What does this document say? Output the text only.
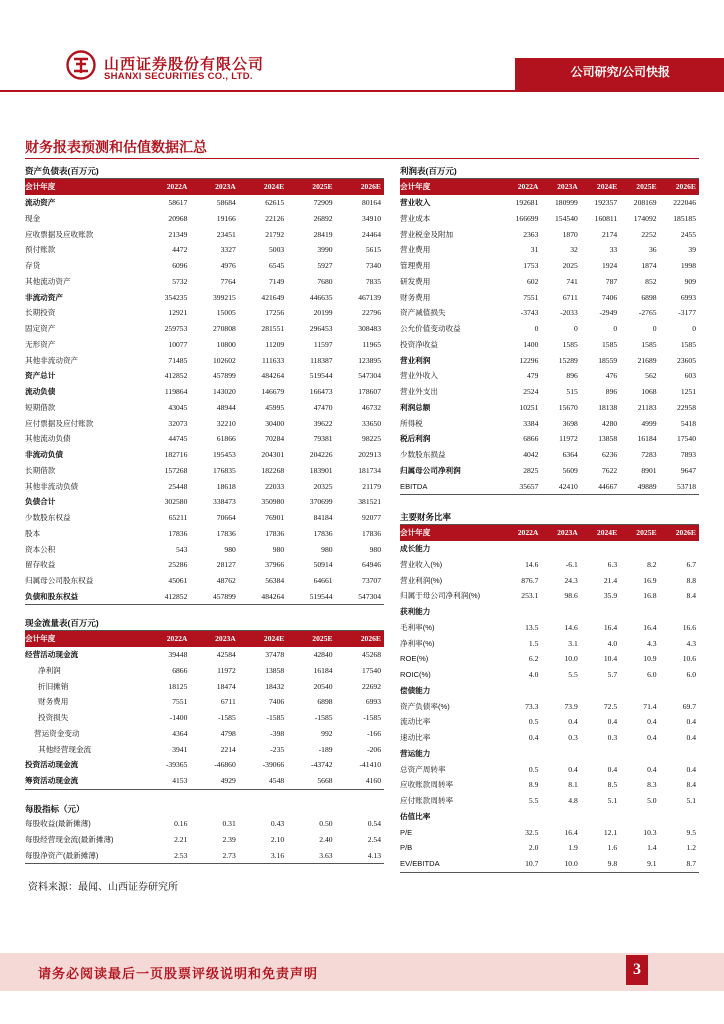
山西证券股份有限公司
SHANXI SECURITIES CO., LTD.	公司研究/公司快报
财务报表预测和估值数据汇总
资产负债表(百万元)
会计年度	2022A	2023A	2024E	2025E	2026E
流动资产	58617	58684	62615	72909	80164
现金	20968	19166	22126	26892	34910
应收票据及应收账款	21349	23451	21792	28419	24464
预付账款	4472	3327	5003	3990	5615
存货	6096	4976	6545	5927	7340
其他流动资产	5732	7764	7149	7680	7835
非流动资产	354235	399215	421649	446635	467139
长期投资	12921	15005	17256	20199	22796
固定资产	259753	270808	281551	296453	308483
无形资产	10077	10800	11209	11597	11965
其他非流动资产	71485	102602	111633	118387	123895
资产总计	412852	457899	484264	519544	547304
流动负债	119864	143020	146679	166473	178607
短期借款	43045	48944	45995	47470	46732
应付票据及应付账款	32073	32210	30400	39622	33650
其他流动负债	44745	61866	70284	79381	98225
非流动负债	182716	195453	204301	204226	202913
长期借款	157268	176835	182268	183901	181734
其他非流动负债	25448	18618	22033	20325	21179
负债合计	302580	338473	350980	370699	381521
少数股东权益	65211	70664	76901	84184	92077
股本	17836	17836	17836	17836	17836
资本公积	543	980	980	980	980
留存收益	25286	28127	37966	50914	64946
归属母公司股东权益	45061	48762	56384	64661	73707
负债和股东权益	412852	457899	484264	519544	547304
现金流量表(百万元)
会计年度	2022A	2023A	2024E	2025E	2026E
经营活动现金流	39448	42584	37478	42840	45268
净利润	6866	11972	13858	16184	17540
折旧摊销	18125	18474	18432	20540	22692
财务费用	7551	6711	7406	6898	6993
投资损失	-1400	-1585	-1585	-1585	-1585
营运资金变动	4364	4798	-398	992	-166
其他经营现金流	3941	2214	-235	-189	-206
投资活动现金流	-39365	-46860	-39066	-43742	-41410
筹资活动现金流	4153	4929	4548	5668	4160
每股指标（元）
每股收益(最新摊薄)	0.16	0.31	0.43	0.50	0.54
每股经营现金流(最新摊薄)	2.21	2.39	2.10	2.40	2.54
每股净资产(最新摊薄)	2.53	2.73	3.16	3.63	4.13
利润表(百万元)
会计年度	2022A	2023A	2024E	2025E	2026E
营业收入	192681	180999	192357	208169	222046
营业成本	166699	154540	160811	174092	185185
营业税金及附加	2363	1870	2174	2252	2455
营业费用	31	32	33	36	39
管理费用	1753	2025	1924	1874	1998
研发费用	602	741	787	852	909
财务费用	7551	6711	7406	6898	6993
资产减值损失	-3743	-2033	-2949	-2765	-3177
公允价值变动收益	0	0	0	0	0
投资净收益	1400	1585	1585	1585	1585
营业利润	12296	15289	18559	21689	23605
营业外收入	479	896	476	562	603
营业外支出	2524	515	896	1068	1251
利润总额	10251	15670	18138	21183	22958
所得税	3384	3698	4280	4999	5418
税后利润	6866	11972	13858	16184	17540
少数股东损益	4042	6364	6236	7283	7893
归属母公司净利润	2825	5609	7622	8901	9647
EBITDA	35657	42410	44667	49889	53718
主要财务比率
会计年度	2022A	2023A	2024E	2025E	2026E
成长能力					
营业收入(%)	14.6	-6.1	6.3	8.2	6.7
营业利润(%)	876.7	24.3	21.4	16.9	8.8
归属于母公司净利润(%)	253.1	98.6	35.9	16.8	8.4
获利能力					
毛利率(%)	13.5	14.6	16.4	16.4	16.6
净利率(%)	1.5	3.1	4.0	4.3	4.3
ROE(%)	6.2	10.0	10.4	10.9	10.6
ROIC(%)	4.0	5.5	5.7	6.0	6.0
偿债能力					
资产负债率(%)	73.3	73.9	72.5	71.4	69.7
流动比率	0.5	0.4	0.4	0.4	0.4
速动比率	0.4	0.3	0.3	0.4	0.4
营运能力					
总资产周转率	0.5	0.4	0.4	0.4	0.4
应收账款周转率	8.9	8.1	8.5	8.3	8.4
应付账款周转率	5.5	4.8	5.1	5.0	5.1
估值比率					
P/E	32.5	16.4	12.1	10.3	9.5
P/B	2.0	1.9	1.6	1.4	1.2
EV/EBITDA	10.7	10.0	9.8	9.1	8.7
资料来源：最闻、山西证券研究所
请务必阅读最后一页股票评级说明和免责声明	3
